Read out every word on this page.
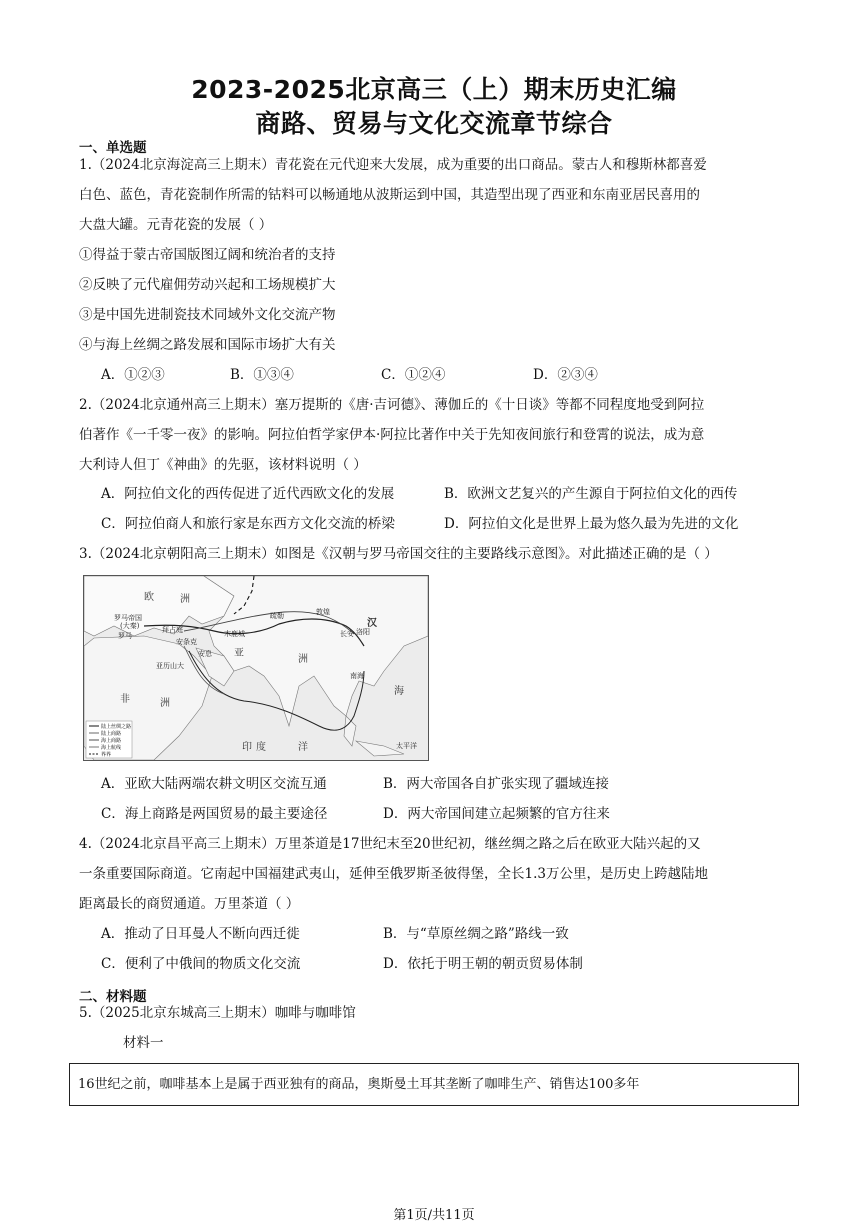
2023-2025北京高三（上）期末历史汇编
商路、贸易与文化交流章节综合
一、单选题
1.（2024北京海淀高三上期末）青花瓷在元代迎来大发展，成为重要的出口商品。蒙古人和穆斯林都喜爱
白色、蓝色，青花瓷制作所需的钴料可以畅通地从波斯运到中国，其造型出现了西亚和东南亚居民喜用的
大盘大罐。元青花瓷的发展（ ）
①得益于蒙古帝国版图辽阔和统治者的支持
②反映了元代雇佣劳动兴起和工场规模扩大
③是中国先进制瓷技术同域外文化交流产物
④与海上丝绸之路发展和国际市场扩大有关
A．①②③	B．①③④	C．①②④	D．②③④
2.（2024北京通州高三上期末）塞万提斯的《唐·吉诃德》、薄伽丘的《十日谈》等都不同程度地受到阿拉
伯著作《一千零一夜》的影响。阿拉伯哲学家伊本·阿拉比著作中关于先知夜间旅行和登霄的说法，成为意
大利诗人但丁《神曲》的先驱，该材料说明（ ）
A．阿拉伯文化的西传促进了近代西欧文化的发展	B．欧洲文艺复兴的产生源自于阿拉伯文化的西传
C．阿拉伯商人和旅行家是东西方文化交流的桥梁	D．阿拉伯文化是世界上最为悠久最为先进的文化
3.（2024北京朝阳高三上期末）如图是《汉朝与罗马帝国交往的主要路线示意图》。对此描述正确的是（ ）
欧	洲
罗马帝国
(大秦)
罗马
拜占庭
安条克
亚历山大
安息
木鹿城
疏勒	敦煌
长安 洛阳
南海
亚
洲
汉
非	洲
印 度	洋
海
太平洋
陆上丝绸之路
陆上商路
海上商路
海上航线
界界
A．亚欧大陆两端农耕文明区交流互通	B．两大帝国各自扩张实现了疆域连接
C．海上商路是两国贸易的最主要途径	D．两大帝国间建立起频繁的官方往来
4.（2024北京昌平高三上期末）万里茶道是17世纪末至20世纪初，继丝绸之路之后在欧亚大陆兴起的又
一条重要国际商道。它南起中国福建武夷山，延伸至俄罗斯圣彼得堡，全长1.3万公里，是历史上跨越陆地
距离最长的商贸通道。万里茶道（ ）
A．推动了日耳曼人不断向西迁徙	B．与“草原丝绸之路”路线一致
C．便利了中俄间的物质文化交流	D．依托于明王朝的朝贡贸易体制
二、材料题
5.（2025北京东城高三上期末）咖啡与咖啡馆
材料一
16世纪之前，咖啡基本上是属于西亚独有的商品，奥斯曼土耳其垄断了咖啡生产、销售达100多年
第1页/共11页
